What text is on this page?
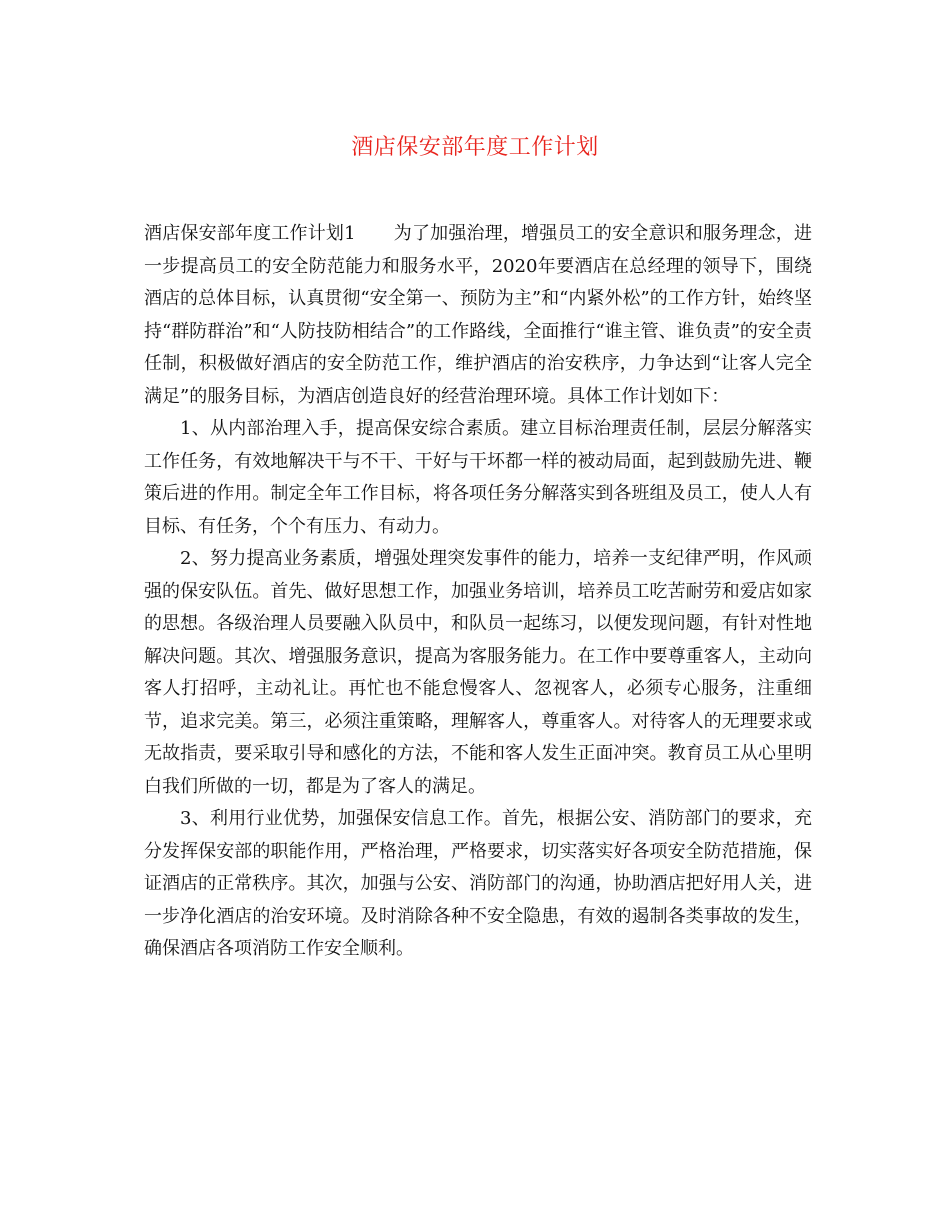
酒店保安部年度工作计划

酒店保安部年度工作计划1 为了加强治理，增强员工的安全意识和服务理念，进一步提高员工的安全防范能力和服务水平，2020年要酒店在总经理的领导下，围绕酒店的总体目标，认真贯彻“安全第一、预防为主”和“内紧外松”的工作方针，始终坚持“群防群治”和“人防技防相结合”的工作路线，全面推行“谁主管、谁负责”的安全责任制，积极做好酒店的安全防范工作，维护酒店的治安秩序，力争达到“让客人完全满足”的服务目标，为酒店创造良好的经营治理环境。具体工作计划如下：

1、从内部治理入手，提高保安综合素质。建立目标治理责任制，层层分解落实工作任务，有效地解决干与不干、干好与干坏都一样的被动局面，起到鼓励先进、鞭策后进的作用。制定全年工作目标，将各项任务分解落实到各班组及员工，使人人有目标、有任务，个个有压力、有动力。

2、努力提高业务素质，增强处理突发事件的能力，培养一支纪律严明，作风顽强的保安队伍。首先、做好思想工作，加强业务培训，培养员工吃苦耐劳和爱店如家的思想。各级治理人员要融入队员中，和队员一起练习，以便发现问题，有针对性地解决问题。其次、增强服务意识，提高为客服务能力。在工作中要尊重客人，主动向客人打招呼，主动礼让。再忙也不能怠慢客人、忽视客人，必须专心服务，注重细节，追求完美。第三，必须注重策略，理解客人，尊重客人。对待客人的无理要求或无故指责，要采取引导和感化的方法，不能和客人发生正面冲突。教育员工从心里明白我们所做的一切，都是为了客人的满足。

3、利用行业优势，加强保安信息工作。首先，根据公安、消防部门的要求，充分发挥保安部的职能作用，严格治理，严格要求，切实落实好各项安全防范措施，保证酒店的正常秩序。其次，加强与公安、消防部门的沟通，协助酒店把好用人关，进一步净化酒店的治安环境。及时消除各种不安全隐患，有效的遏制各类事故的发生，确保酒店各项消防工作安全顺利。
